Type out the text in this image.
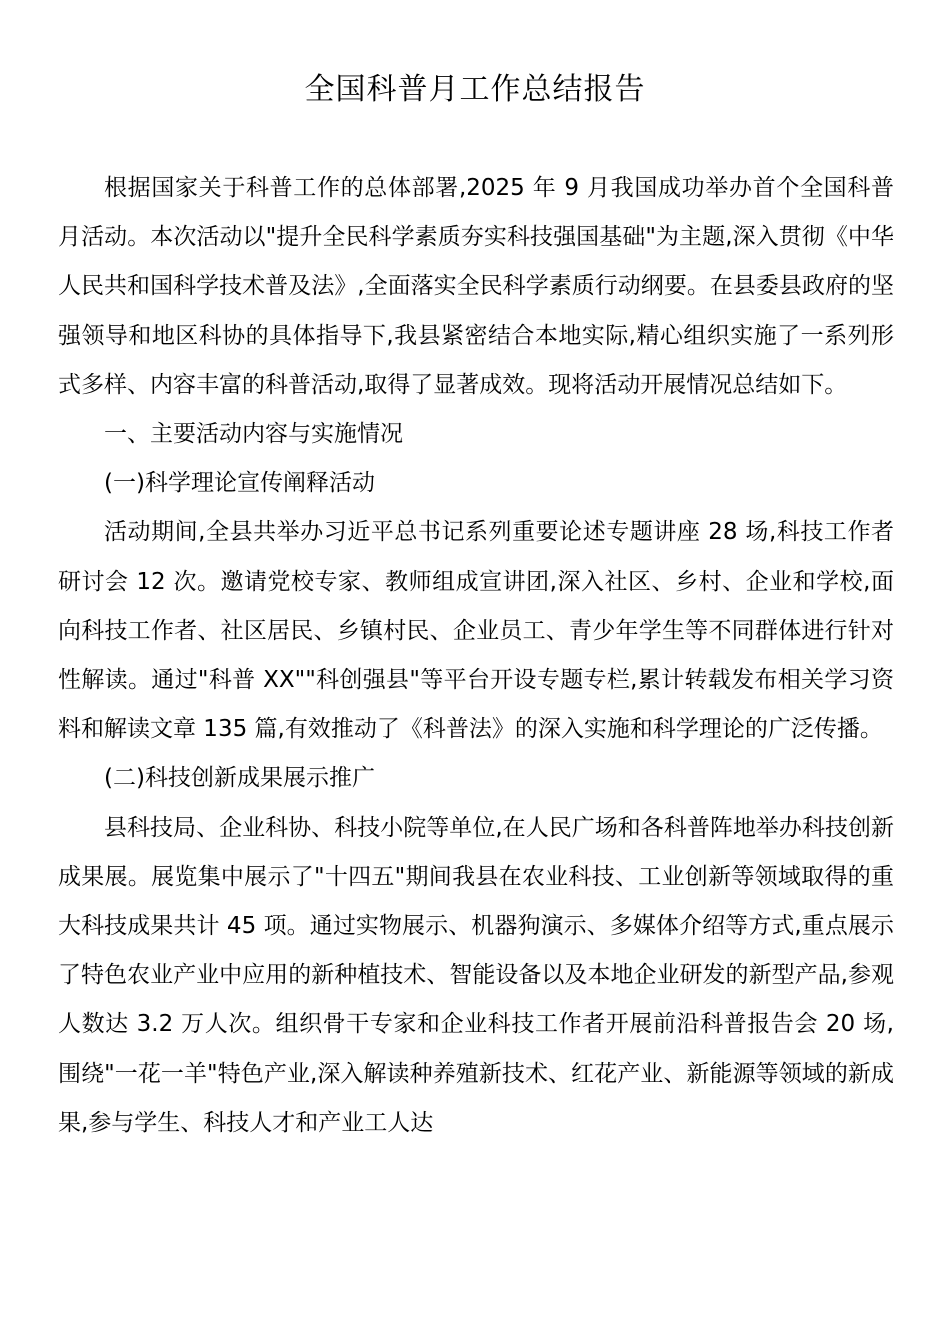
全国科普月工作总结报告

根据国家关于科普工作的总体部署,2025 年 9 月我国成功举办首个全国科普月活动。本次活动以"提升全民科学素质夯实科技强国基础"为主题,深入贯彻《中华人民共和国科学技术普及法》,全面落实全民科学素质行动纲要。在县委县政府的坚强领导和地区科协的具体指导下,我县紧密结合本地实际,精心组织实施了一系列形式多样、内容丰富的科普活动,取得了显著成效。现将活动开展情况总结如下。

一、主要活动内容与实施情况

(一)科学理论宣传阐释活动

活动期间,全县共举办习近平总书记系列重要论述专题讲座 28 场,科技工作者研讨会 12 次。邀请党校专家、教师组成宣讲团,深入社区、乡村、企业和学校,面向科技工作者、社区居民、乡镇村民、企业员工、青少年学生等不同群体进行针对性解读。通过"科普 XX""科创强县"等平台开设专题专栏,累计转载发布相关学习资料和解读文章 135 篇,有效推动了《科普法》的深入实施和科学理论的广泛传播。

(二)科技创新成果展示推广

县科技局、企业科协、科技小院等单位,在人民广场和各科普阵地举办科技创新成果展。展览集中展示了"十四五"期间我县在农业科技、工业创新等领域取得的重大科技成果共计 45 项。通过实物展示、机器狗演示、多媒体介绍等方式,重点展示了特色农业产业中应用的新种植技术、智能设备以及本地企业研发的新型产品,参观人数达 3.2 万人次。组织骨干专家和企业科技工作者开展前沿科普报告会 20 场,围绕"一花一羊"特色产业,深入解读种养殖新技术、红花产业、新能源等领域的新成果,参与学生、科技人才和产业工人达
